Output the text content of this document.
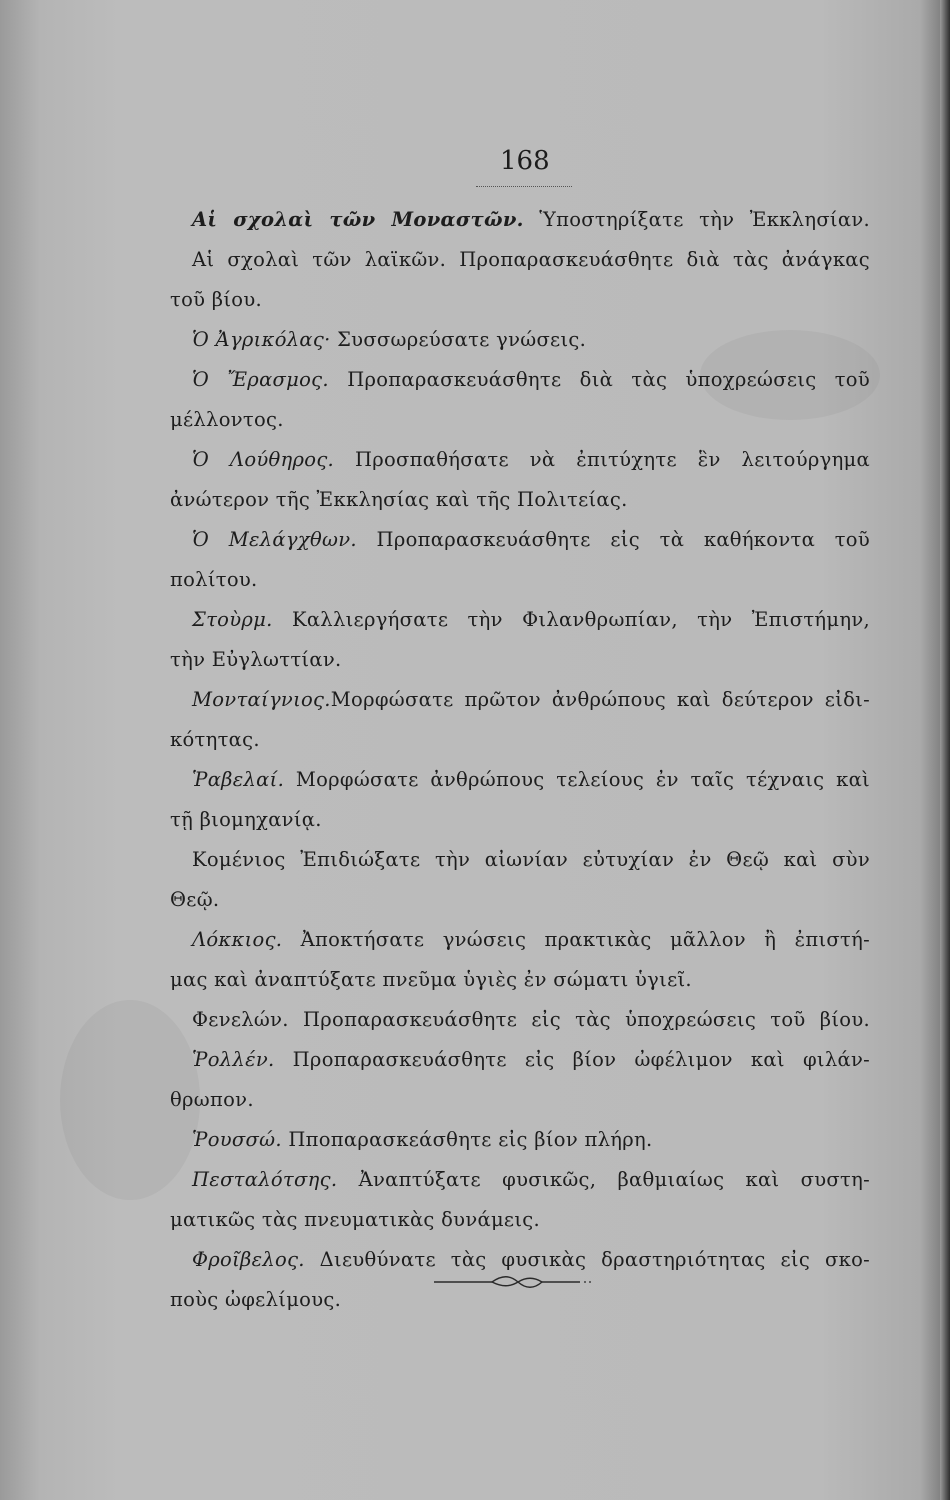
168
Αἱ σχολαὶ τῶν Μοναστῶν. Ὑποστηρίξατε τὴν Ἐκκλησίαν.
Αἱ σχολαὶ τῶν λαϊκῶν. Προπαρασκευάσθητε διὰ τὰς ἀνάγκας
τοῦ βίου.
Ὁ Ἀγρικόλας· Συσσωρεύσατε γνώσεις.
Ὁ Ἔρασμος. Προπαρασκευάσθητε διὰ τὰς ὑποχρεώσεις τοῦ
μέλλοντος.
Ὁ Λούθηρος. Προσπαθήσατε νὰ ἐπιτύχητε ἓν λειτούργημα
ἀνώτερον τῆς Ἐκκλησίας καὶ τῆς Πολιτείας.
Ὁ Μελάγχθων. Προπαρασκευάσθητε εἰς τὰ καθήκοντα τοῦ
πολίτου.
Στοὺρμ. Καλλιεργήσατε τὴν Φιλανθρωπίαν, τὴν Ἐπιστήμην,
τὴν Εὐγλωττίαν.
Μονταίγνιος.Μορφώσατε πρῶτον ἀνθρώπους καὶ δεύτερον εἰδι-
κότητας.
Ῥαβελαί. Μορφώσατε ἀνθρώπους τελείους ἐν ταῖς τέχναις καὶ
τῇ βιομηχανίᾳ.
Κομένιος Ἐπιδιώξατε τὴν αἰωνίαν εὐτυχίαν ἐν Θεῷ καὶ σὺν
Θεῷ.
Λόκκιος. Ἀποκτήσατε γνώσεις πρακτικὰς μᾶλλον ἢ ἐπιστή-
μας καὶ ἀναπτύξατε πνεῦμα ὑγιὲς ἐν σώματι ὑγιεῖ.
Φενελών. Προπαρασκευάσθητε εἰς τὰς ὑποχρεώσεις τοῦ βίου.
Ῥολλέν. Προπαρασκευάσθητε εἰς βίον ὠφέλιμον καὶ φιλάν-
θρωπον.
Ῥουσσώ. Πποπαρασκεάσθητε εἰς βίον πλήρη.
Πεσταλότσης. Ἀναπτύξατε φυσικῶς, βαθμιαίως καὶ συστη-
ματικῶς τὰς πνευματικὰς δυνάμεις.
Φροῖβελος. Διευθύνατε τὰς φυσικὰς δραστηριότητας εἰς σκο-
ποὺς ὠφελίμους.
